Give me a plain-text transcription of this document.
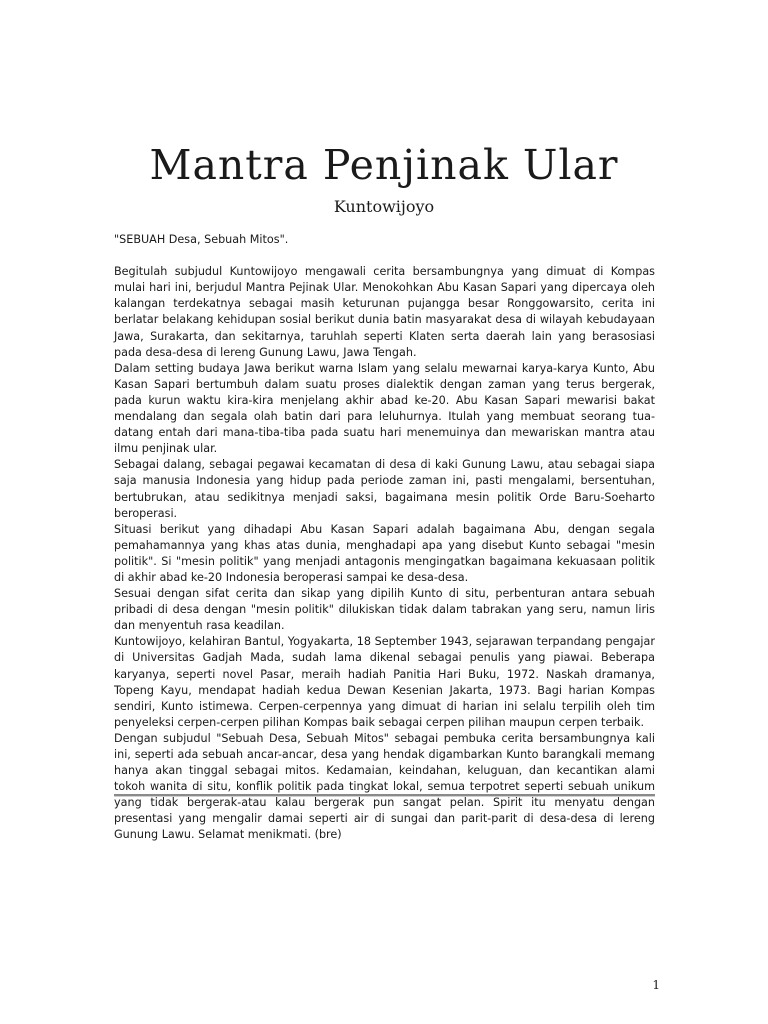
Mantra Penjinak Ular
Kuntowijoyo

"SEBUAH Desa, Sebuah Mitos".

Begitulah subjudul Kuntowijoyo mengawali cerita bersambungnya yang dimuat di Kompas mulai hari ini, berjudul Mantra Pejinak Ular. Menokohkan Abu Kasan Sapari yang dipercaya oleh kalangan terdekatnya sebagai masih keturunan pujangga besar Ronggowarsito, cerita ini berlatar belakang kehidupan sosial berikut dunia batin masyarakat desa di wilayah kebudayaan Jawa, Surakarta, dan sekitarnya, taruhlah seperti Klaten serta daerah lain yang berasosiasi pada desa-desa di lereng Gunung Lawu, Jawa Tengah.

Dalam setting budaya Jawa berikut warna Islam yang selalu mewarnai karya-karya Kunto, Abu Kasan Sapari bertumbuh dalam suatu proses dialektik dengan zaman yang terus bergerak, pada kurun waktu kira-kira menjelang akhir abad ke-20. Abu Kasan Sapari mewarisi bakat mendalang dan segala olah batin dari para leluhurnya. Itulah yang membuat seorang tua-datang entah dari mana-tiba-tiba pada suatu hari menemuinya dan mewariskan mantra atau ilmu penjinak ular.

Sebagai dalang, sebagai pegawai kecamatan di desa di kaki Gunung Lawu, atau sebagai siapa saja manusia Indonesia yang hidup pada periode zaman ini, pasti mengalami, bersentuhan, bertubrukan, atau sedikitnya menjadi saksi, bagaimana mesin politik Orde Baru-Soeharto beroperasi.

Situasi berikut yang dihadapi Abu Kasan Sapari adalah bagaimana Abu, dengan segala pemahamannya yang khas atas dunia, menghadapi apa yang disebut Kunto sebagai "mesin politik". Si "mesin politik" yang menjadi antagonis mengingatkan bagaimana kekuasaan politik di akhir abad ke-20 Indonesia beroperasi sampai ke desa-desa.

Sesuai dengan sifat cerita dan sikap yang dipilih Kunto di situ, perbenturan antara sebuah pribadi di desa dengan "mesin politik" dilukiskan tidak dalam tabrakan yang seru, namun liris dan menyentuh rasa keadilan.

Kuntowijoyo, kelahiran Bantul, Yogyakarta, 18 September 1943, sejarawan terpandang pengajar di Universitas Gadjah Mada, sudah lama dikenal sebagai penulis yang piawai. Beberapa karyanya, seperti novel Pasar, meraih hadiah Panitia Hari Buku, 1972. Naskah dramanya, Topeng Kayu, mendapat hadiah kedua Dewan Kesenian Jakarta, 1973. Bagi harian Kompas sendiri, Kunto istimewa. Cerpen-cerpennya yang dimuat di harian ini selalu terpilih oleh tim penyeleksi cerpen-cerpen pilihan Kompas baik sebagai cerpen pilihan maupun cerpen terbaik.

Dengan subjudul "Sebuah Desa, Sebuah Mitos" sebagai pembuka cerita bersambungnya kali ini, seperti ada sebuah ancar-ancar, desa yang hendak digambarkan Kunto barangkali memang hanya akan tinggal sebagai mitos. Kedamaian, keindahan, keluguan, dan kecantikan alami tokoh wanita di situ, konflik politik pada tingkat lokal, semua terpotret seperti sebuah unikum yang tidak bergerak-atau kalau bergerak pun sangat pelan. Spirit itu menyatu dengan presentasi yang mengalir damai seperti air di sungai dan parit-parit di desa-desa di lereng Gunung Lawu. Selamat menikmati. (bre)

1
